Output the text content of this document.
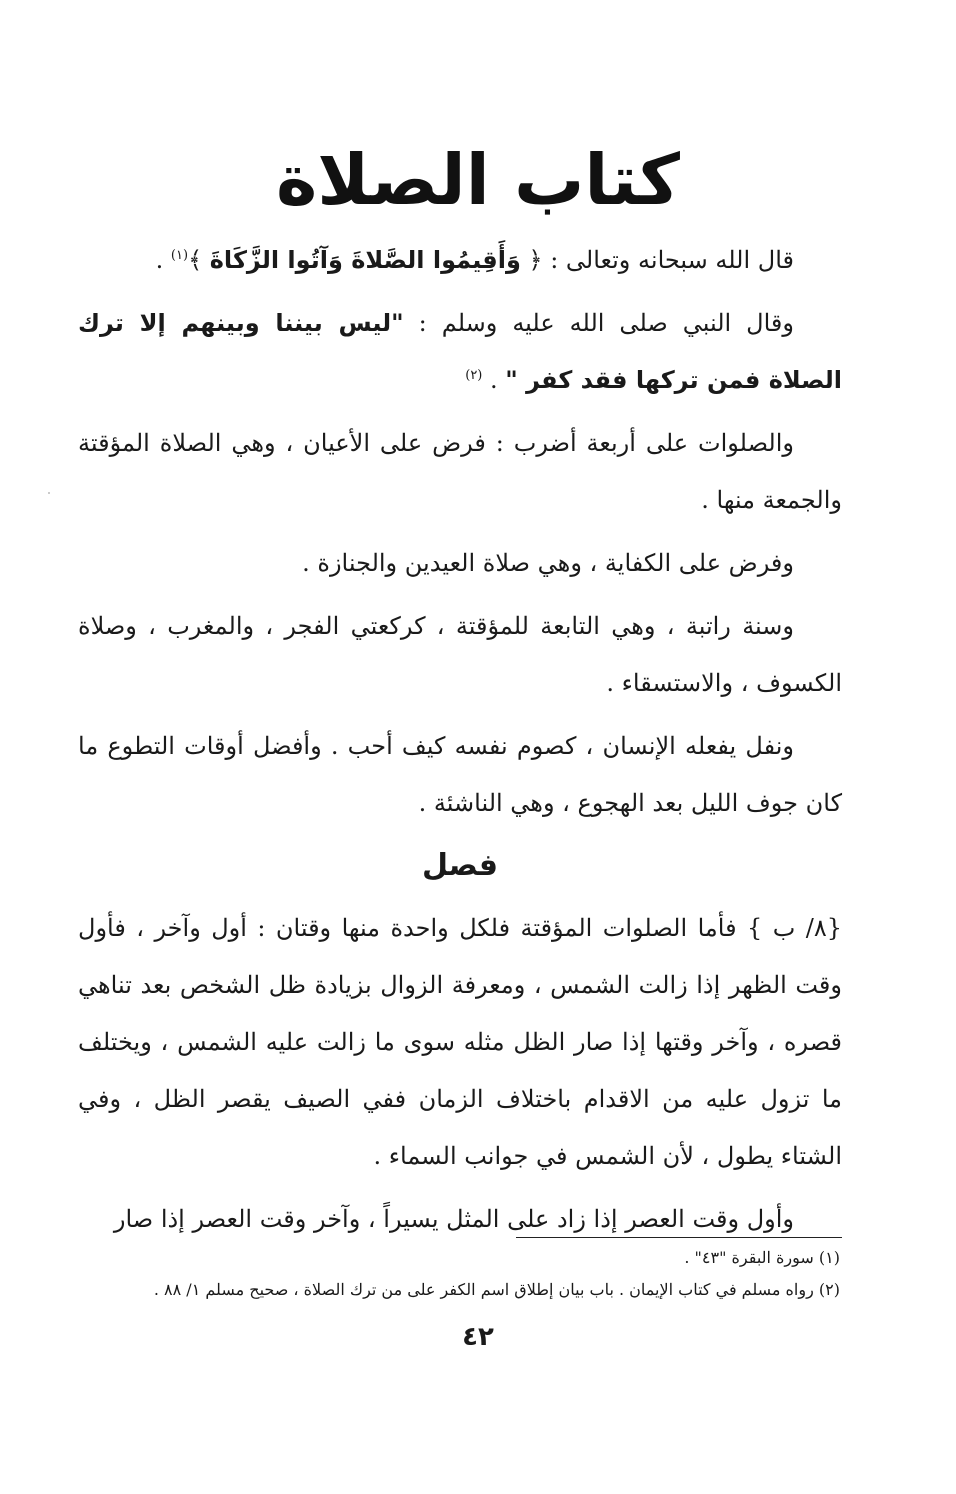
كتاب الصلاة

قال الله سبحانه وتعالى : ﴿ وَأَقِيمُوا الصَّلاةَ وَآتُوا الزَّكَاةَ ﴾$^{(١)}$ .

وقال النبي صلى الله عليه وسلم : "ليس بيننا وبينهم إلا ترك الصلاة فمن تركها فقد كفر " . $^{(٢)}$

والصلوات على أربعة أضرب : فرض على الأعيان ، وهي الصلاة المؤقتة والجمعة منها .

وفرض على الكفاية ، وهي صلاة العيدين والجنازة .

وسنة راتبة ، وهي التابعة للمؤقتة ، كركعتي الفجر ، والمغرب ، وصلاة الكسوف ، والاستسقاء .

ونفل يفعله الإنسان ، كصوم نفسه كيف أحب . وأفضل أوقات التطوع ما كان جوف الليل بعد الهجوع ، وهي الناشئة .

فصل

{٨/ ب } فأما الصلوات المؤقتة فلكل واحدة منها وقتان : أول وآخر ، فأول وقت الظهر إذا زالت الشمس ، ومعرفة الزوال بزيادة ظل الشخص بعد تناهي قصره ، وآخر وقتها إذا صار الظل مثله سوى ما زالت عليه الشمس ، ويختلف ما تزول عليه من الاقدام باختلاف الزمان ففي الصيف يقصر الظل ، وفي الشتاء يطول ، لأن الشمس في جوانب السماء .

وأول وقت العصر إذا زاد على المثل يسيراً ، وآخر وقت العصر إذا صار

(١) سورة البقرة "٤٣" .
(٢) رواه مسلم في كتاب الإيمان . باب بيان إطلاق اسم الكفر على من ترك الصلاة ، صحيح مسلم ١/ ٨٨ .
٤٢
